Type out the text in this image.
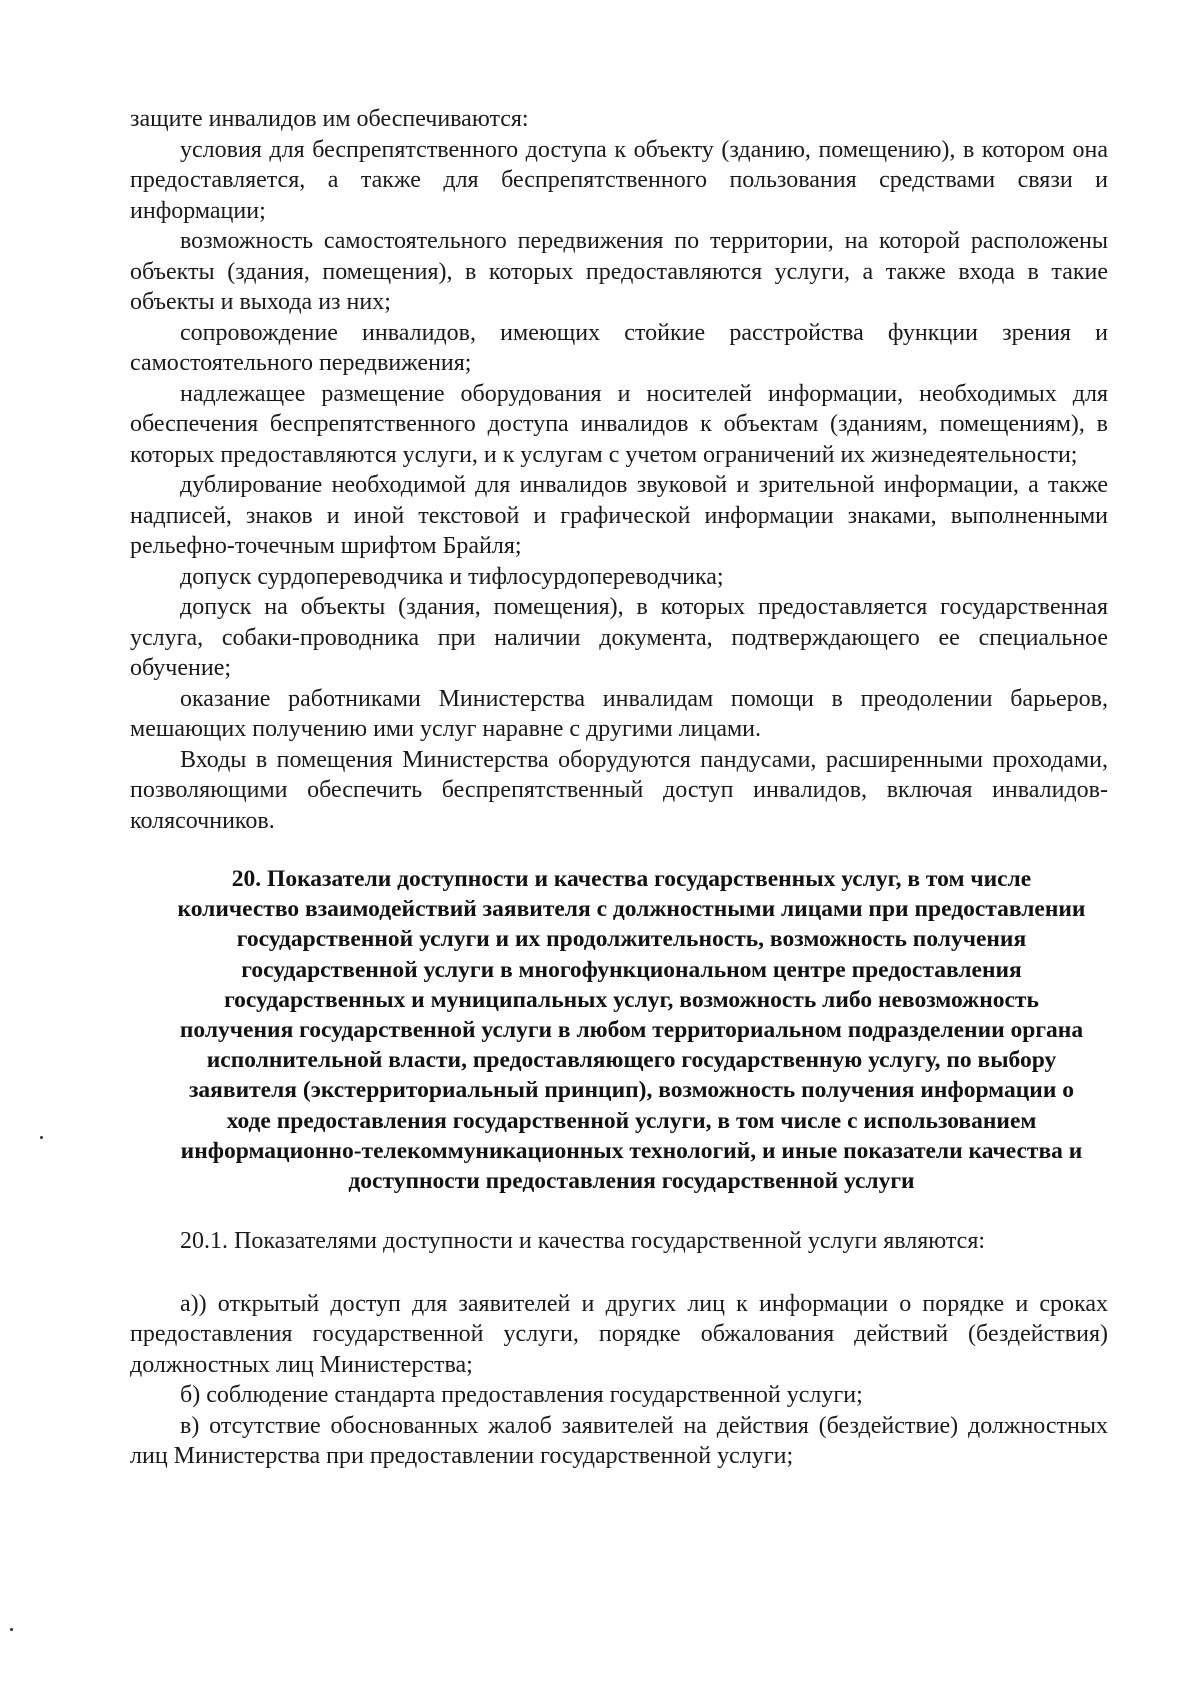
защите инвалидов им обеспечиваются:

условия для беспрепятственного доступа к объекту (зданию, помещению), в котором она предоставляется, а также для беспрепятственного пользования средствами связи и информации;

возможность самостоятельного передвижения по территории, на которой расположены объекты (здания, помещения), в которых предоставляются услуги, а также входа в такие объекты и выхода из них;

сопровождение инвалидов, имеющих стойкие расстройства функции зрения и самостоятельного передвижения;

надлежащее размещение оборудования и носителей информации, необходимых для обеспечения беспрепятственного доступа инвалидов к объектам (зданиям, помещениям), в которых предоставляются услуги, и к услугам с учетом ограничений их жизнедеятельности;

дублирование необходимой для инвалидов звуковой и зрительной информации, а также надписей, знаков и иной текстовой и графической информации знаками, выполненными рельефно-точечным шрифтом Брайля;

допуск сурдопереводчика и тифлосурдопереводчика;

допуск на объекты (здания, помещения), в которых предоставляется государственная услуга, собаки-проводника при наличии документа, подтверждающего ее специальное обучение;

оказание работниками Министерства инвалидам помощи в преодолении барьеров, мешающих получению ими услуг наравне с другими лицами.

Входы в помещения Министерства оборудуются пандусами, расширенными проходами, позволяющими обеспечить беспрепятственный доступ инвалидов, включая инвалидов-колясочников.

20. Показатели доступности и качества государственных услуг, в том числе количество взаимодействий заявителя с должностными лицами при предоставлении государственной услуги и их продолжительность, возможность получения государственной услуги в многофункциональном центре предоставления государственных и муниципальных услуг, возможность либо невозможность получения государственной услуги в любом территориальном подразделении органа исполнительной власти, предоставляющего государственную услугу, по выбору заявителя (экстерриториальный принцип), возможность получения информации о ходе предоставления государственной услуги, в том числе с использованием информационно-телекоммуникационных технологий, и иные показатели качества и доступности предоставления государственной услуги

20.1. Показателями доступности и качества государственной услуги являются:

а)) открытый доступ для заявителей и других лиц к информации о порядке и сроках предоставления государственной услуги, порядке обжалования действий (бездействия) должностных лиц Министерства;

б) соблюдение стандарта предоставления государственной услуги;

в) отсутствие обоснованных жалоб заявителей на действия (бездействие) должностных лиц Министерства при предоставлении государственной услуги;
